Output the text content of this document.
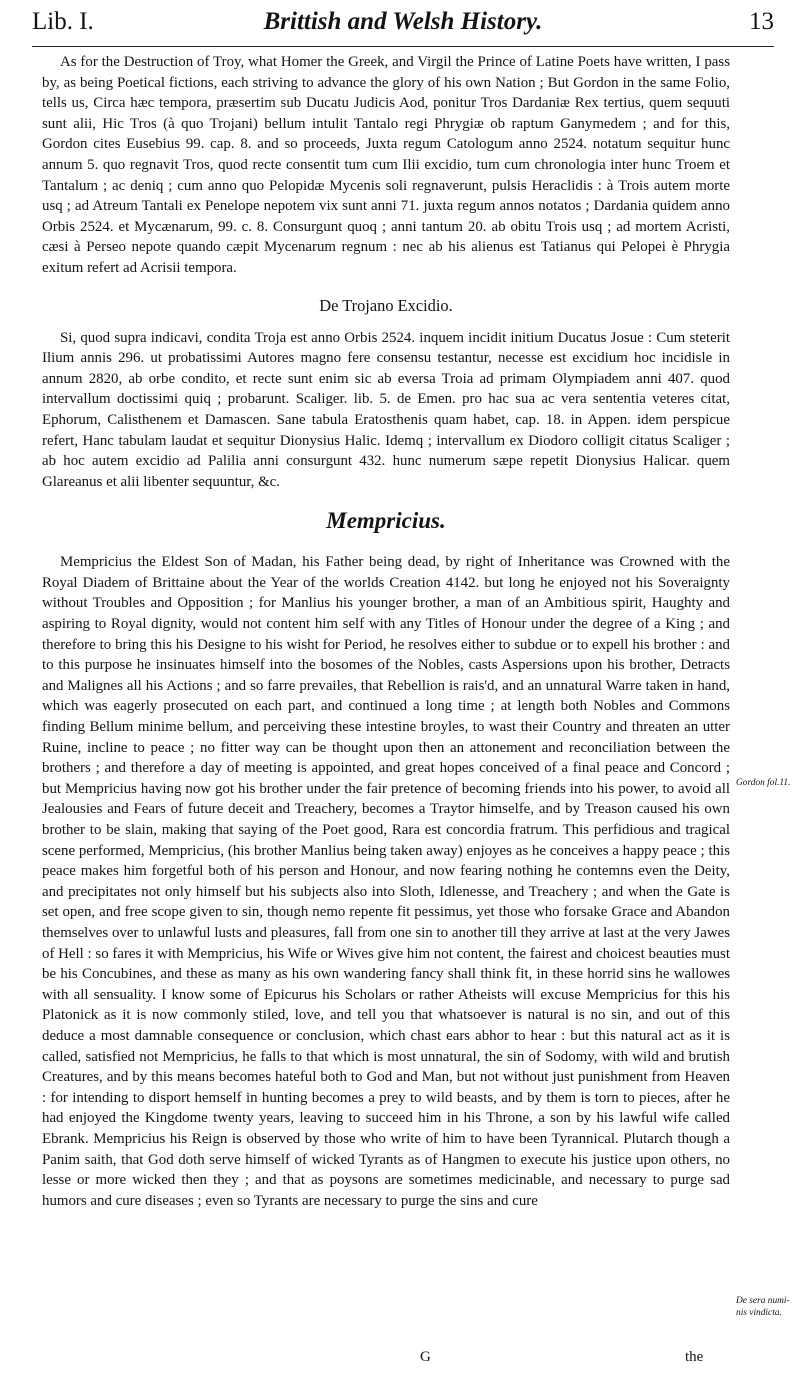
Lib. I.	Brittish and Welsh History.	13

As for the Destruction of Troy, what Homer the Greek, and Virgil the Prince of Latine Poets have written, I pass by, as being Poetical fictions, each striving to advance the glory of his own Nation ; But Gordon in the same Folio, tells us, Circa hæc tempora, præsertim sub Ducatu Judicis Aod, ponitur Tros Dardaniæ Rex tertius, quem sequuti sunt alii, Hic Tros (à quo Trojani) bellum intulit Tantalo regi Phrygiæ ob raptum Ganymedem ; and for this, Gordon cites Eusebius 99. cap. 8. and so proceeds, Juxta regum Catologum anno 2524. notatum sequitur hunc annum 5. quo regnavit Tros, quod recte consentit tum cum Ilii excidio, tum cum chronologia inter hunc Troem et Tantalum ; ac deniq ; cum anno quo Pelopidæ Mycenis soli regnaverunt, pulsis Heraclidis : à Trois autem morte usq ; ad Atreum Tantali ex Penelope nepotem vix sunt anni 71. juxta regum annos notatos ; Dardania quidem anno Orbis 2524. et Mycænarum, 99. c. 8. Consurgunt quoq ; anni tantum 20. ab obitu Trois usq ; ad mortem Acristi, cæsi à Perseo nepote quando cæpit Mycenarum regnum : nec ab his alienus est Tatianus qui Pelopei è Phrygia exitum refert ad Acrisii tempora.

De Trojano Excidio.

Si, quod supra indicavi, condita Troja est anno Orbis 2524. inquem incidit initium Ducatus Josue : Cum steterit Ilium annis 296. ut probatissimi Autores magno fere consensu testantur, necesse est excidium hoc incidisle in annum 2820, ab orbe condito, et recte sunt enim sic ab eversa Troia ad primam Olympiadem anni 407. quod intervallum doctissimi quiq ; probarunt. Scaliger. lib. 5. de Emen. pro hac sua ac vera sententia veteres citat, Ephorum, Calisthenem et Damascen. Sane tabula Eratosthenis quam habet, cap. 18. in Appen. idem perspicue refert, Hanc tabulam laudat et sequitur Dionysius Halic. Idemq ; intervallum ex Diodoro colligit citatus Scaliger ; ab hoc autem excidio ad Palilia anni consurgunt 432. hunc numerum sæpe repetit Dionysius Halicar. quem Glareanus et alii libenter sequuntur, &c.

Mempricius.

Mempricius the Eldest Son of Madan, his Father being dead, by right of Inheritance was Crowned with the Royal Diadem of Brittaine about the Year of the worlds Creation 4142. but long he enjoyed not his Soveraignty without Troubles and Opposition ; for Manlius his younger brother, a man of an Ambitious spirit, Haughty and aspiring to Royal dignity, would not content him self with any Titles of Honour under the degree of a King ; and therefore to bring this his Designe to his wisht for Period, he resolves either to subdue or to expell his brother : and to this purpose he insinuates himself into the bosomes of the Nobles, casts Aspersions upon his brother, Detracts and Malignes all his Actions ; and so farre prevailes, that Rebellion is rais'd, and an unnatural Warre taken in hand, which was eagerly prosecuted on each part, and continued a long time ; at length both Nobles and Commons finding Bellum minime bellum, and perceiving these intestine broyles, to wast their Country and threaten an utter Ruine, incline to peace ; no fitter way can be thought upon then an attonement and reconciliation between the brothers ; and therefore a day of meeting is appointed, and great hopes conceived of a final peace and Concord ; but Mempricius having now got his brother under the fair pretence of becoming friends into his power, to avoid all Jealousies and Fears of future deceit and Treachery, becomes a Traytor himselfe, and by Treason caused his own brother to be slain, making that saying of the Poet good, Rara est concordia fratrum. This perfidious and tragical scene performed, Mempricius, (his brother Manlius being taken away) enjoyes as he conceives a happy peace ; this peace makes him forgetful both of his person and Honour, and now fearing nothing he contemns even the Deity, and precipitates not only himself but his subjects also into Sloth, Idlenesse, and Treachery ; and when the Gate is set open, and free scope given to sin, though nemo repente fit pessimus, yet those who forsake Grace and Abandon themselves over to unlawful lusts and pleasures, fall from one sin to another till they arrive at last at the very Jawes of Hell : so fares it with Mempricius, his Wife or Wives give him not content, the fairest and choicest beauties must be his Concubines, and these as many as his own wandering fancy shall think fit, in these horrid sins he wallowes with all sensuality. I know some of Epicurus his Scholars or rather Atheists will excuse Mempricius for this his Platonick as it is now commonly stiled, love, and tell you that whatsoever is natural is no sin, and out of this deduce a most damnable consequence or conclusion, which chast ears abhor to hear : but this natural act as it is called, satisfied not Mempricius, he falls to that which is most unnatural, the sin of Sodomy, with wild and brutish Creatures, and by this means becomes hateful both to God and Man, but not without just punishment from Heaven : for intending to disport hemself in hunting becomes a prey to wild beasts, and by them is torn to pieces, after he had enjoyed the Kingdome twenty years, leaving to succeed him in his Throne, a son by his lawful wife called Ebrank. Mempricius his Reign is observed by those who write of him to have been Tyrannical. Plutarch though a Panim saith, that God doth serve himself of wicked Tyrants as of Hangmen to execute his justice upon others, no lesse or more wicked then they ; and that as poysons are sometimes medicinable, and necessary to purge sad humors and cure diseases ; even so Tyrants are necessary to purge the sins and cure

Gordon fol.11.
De sera numi-
nis vindicta.
G	the
